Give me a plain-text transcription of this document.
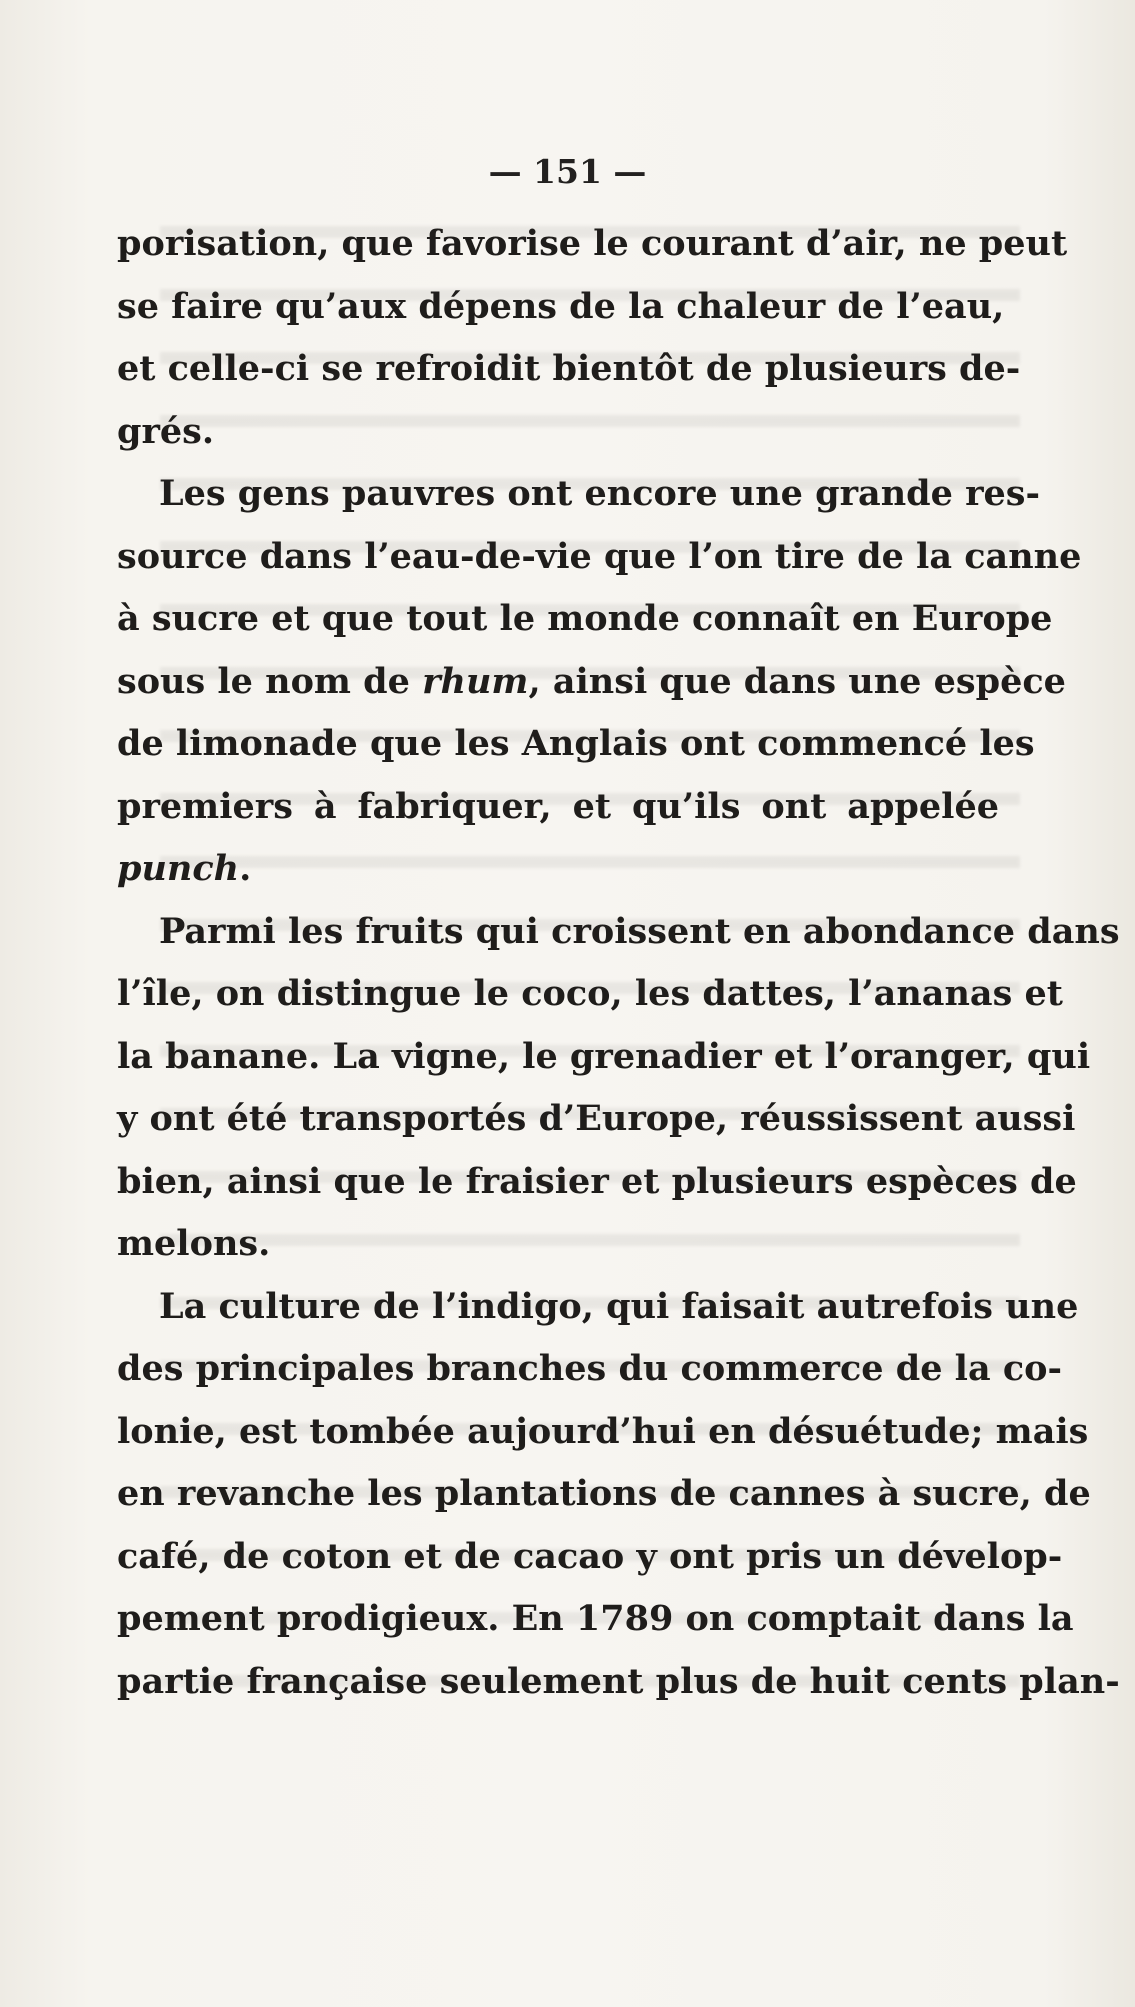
— 151 —
porisation, que favorise le courant d’air, ne peut
se faire qu’aux dépens de la chaleur de l’eau,
et celle-ci se refroidit bientôt de plusieurs de-
grés.
Les gens pauvres ont encore une grande res-
source dans l’eau-de-vie que l’on tire de la canne
à sucre et que tout le monde connaît en Europe
sous le nom de rhum, ainsi que dans une espèce
de limonade que les Anglais ont commencé les
premiers à fabriquer, et qu’ils ont appelée
punch.
Parmi les fruits qui croissent en abondance dans
l’île, on distingue le coco, les dattes, l’ananas et
la banane. La vigne, le grenadier et l’oranger, qui
y ont été transportés d’Europe, réussissent aussi
bien, ainsi que le fraisier et plusieurs espèces de
melons.
La culture de l’indigo, qui faisait autrefois une
des principales branches du commerce de la co-
lonie, est tombée aujourd’hui en désuétude; mais
en revanche les plantations de cannes à sucre, de
café, de coton et de cacao y ont pris un dévelop-
pement prodigieux. En 1789 on comptait dans la
partie française seulement plus de huit cents plan-
